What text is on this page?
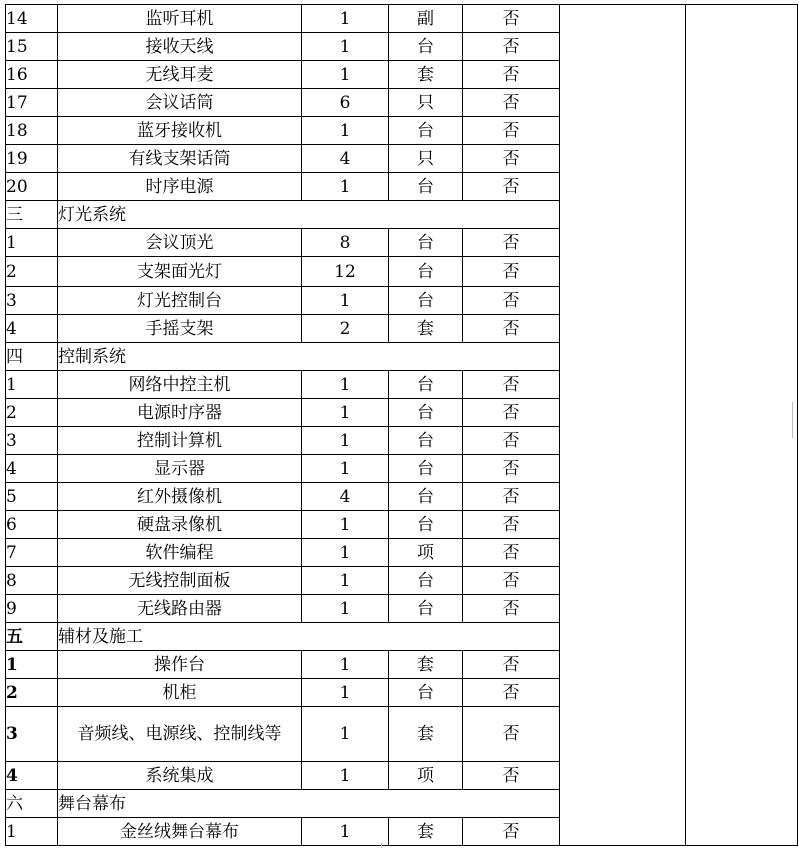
14	监听耳机	1	副	否		
15	接收天线	1	台	否		
16	无线耳麦	1	套	否		
17	会议话筒	6	只	否		
18	蓝牙接收机	1	台	否		
19	有线支架话筒	4	只	否		
20	时序电源	1	台	否		
三	灯光系统					
1	会议顶光	8	台	否		
2	支架面光灯	12	台	否		
3	灯光控制台	1	台	否		
4	手摇支架	2	套	否		
四	控制系统					
1	网络中控主机	1	台	否		
2	电源时序器	1	台	否		
3	控制计算机	1	台	否		
4	显示器	1	台	否		
5	红外摄像机	4	台	否		
6	硬盘录像机	1	台	否		
7	软件编程	1	项	否		
8	无线控制面板	1	台	否		
9	无线路由器	1	台	否		
五	辅材及施工					
1	操作台	1	套	否		
2	机柜	1	台	否		
3	音频线、电源线、控制线等	1	套	否		
4	系统集成	1	项	否		
六	舞台幕布					
1	金丝绒舞台幕布	1	套	否		
